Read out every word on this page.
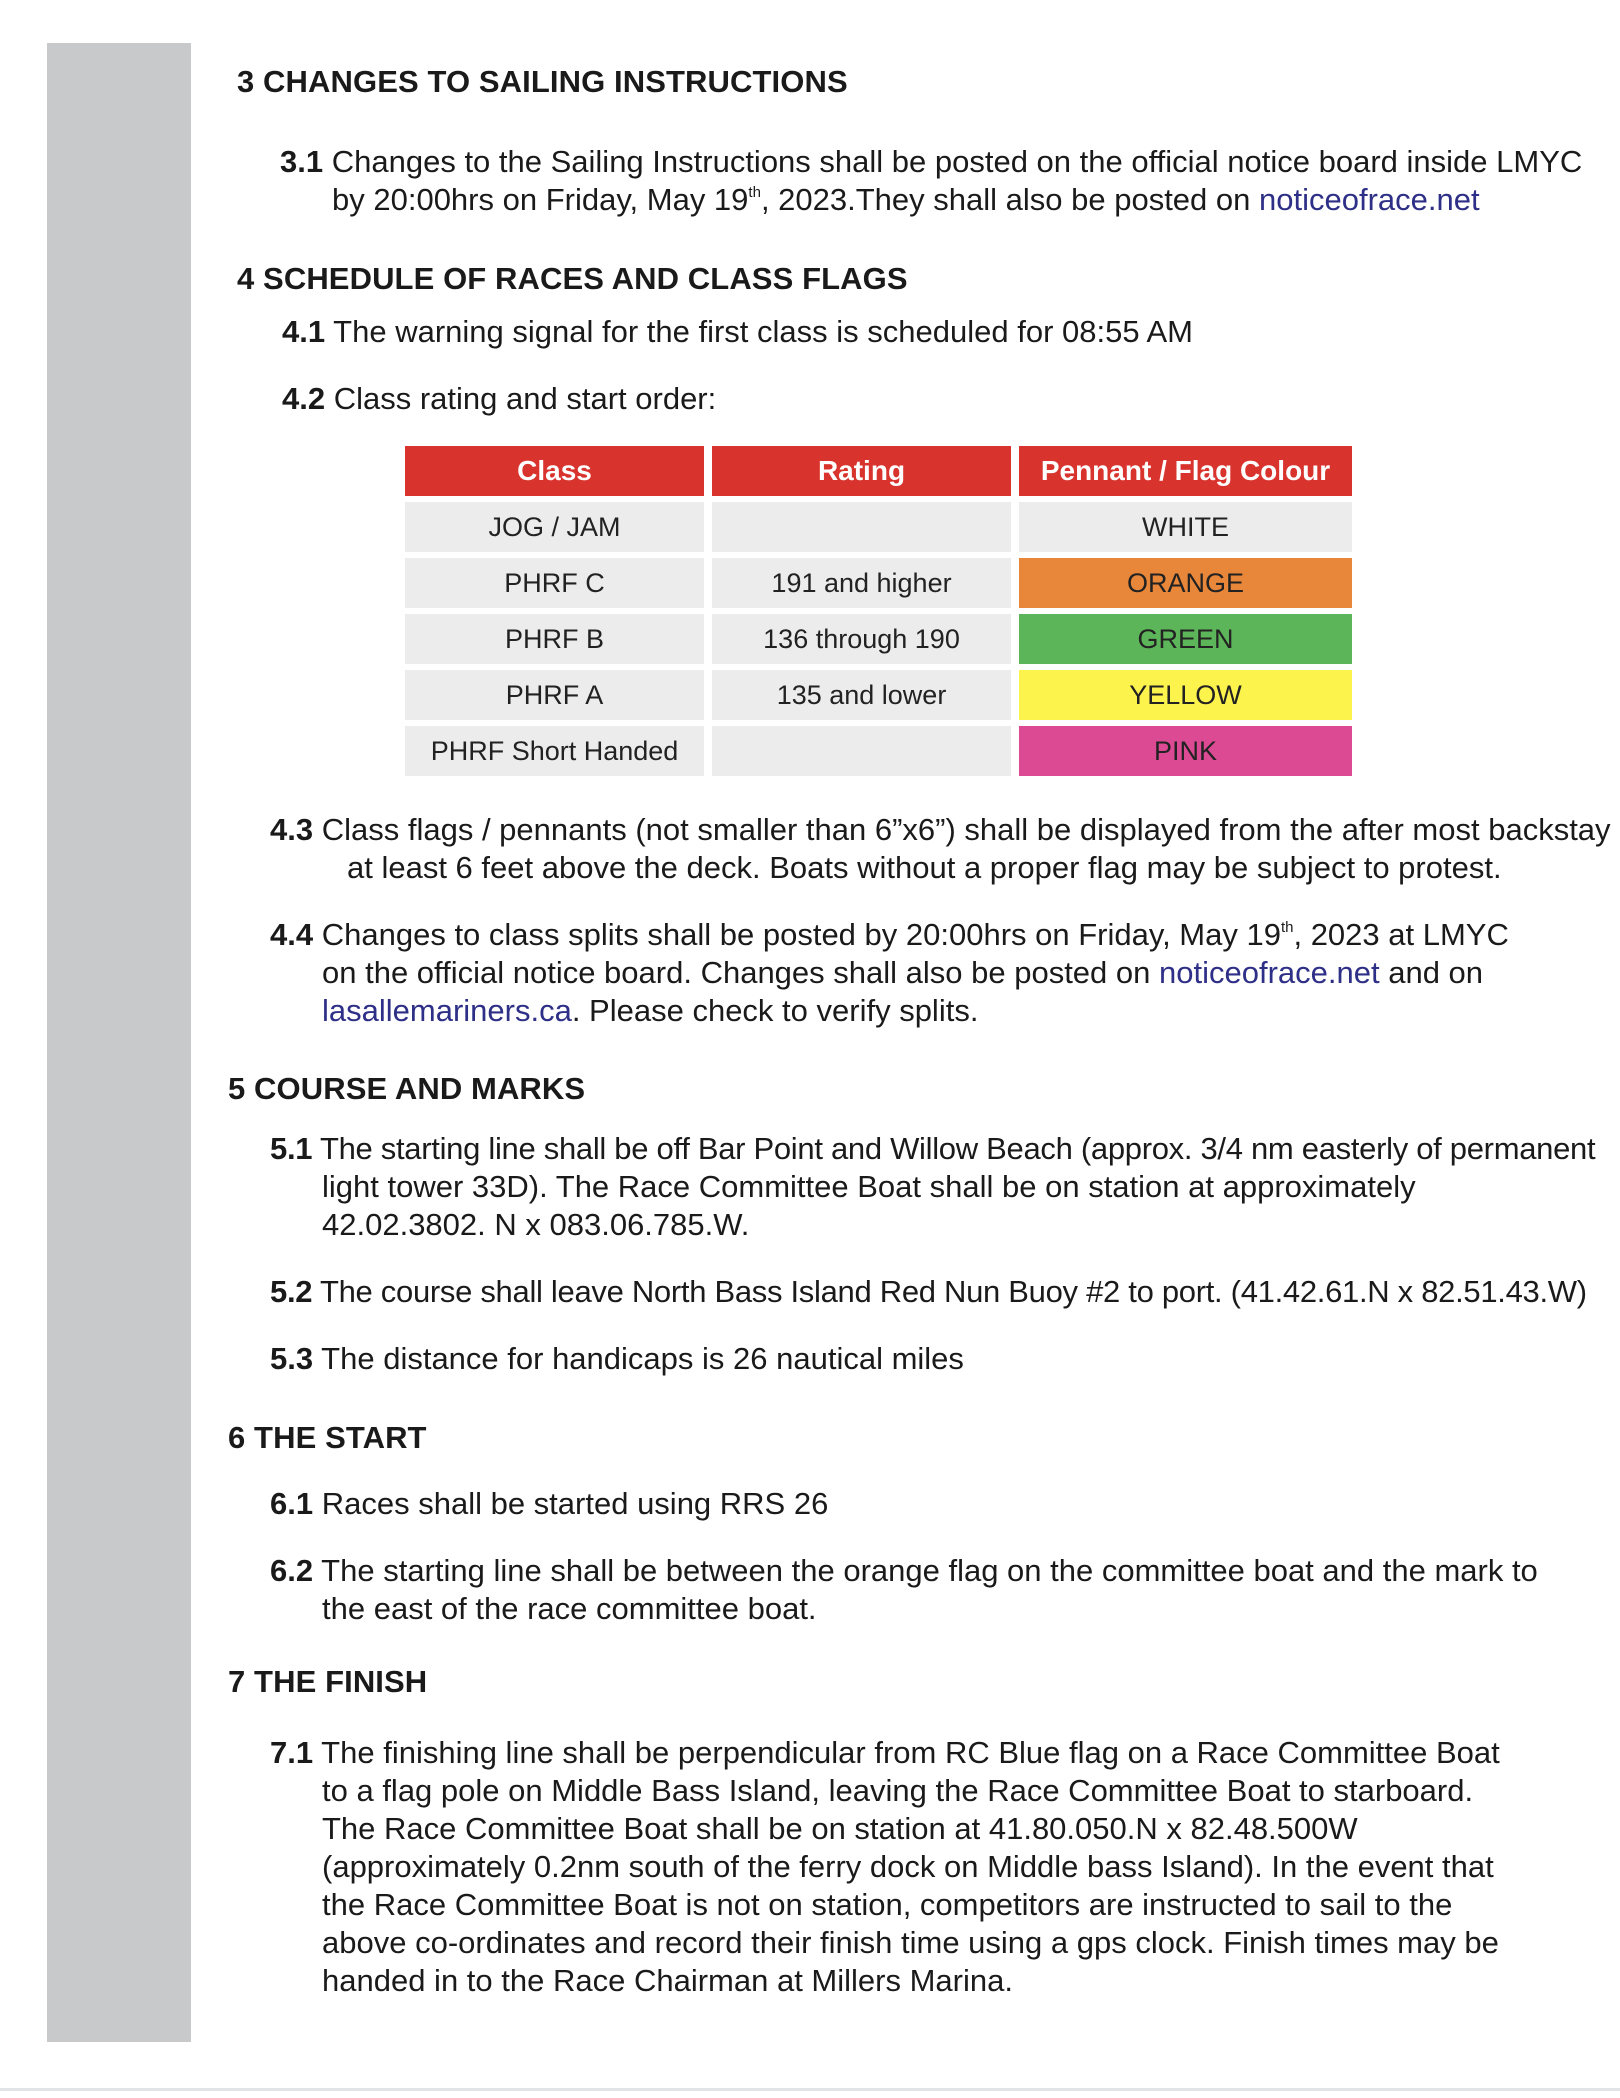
3 CHANGES TO SAILING INSTRUCTIONS
3.1 Changes to the Sailing Instructions shall be posted on the official notice board inside LMYC
by 20:00hrs on Friday, May 19th, 2023.They shall also be posted on noticeofrace.net
4 SCHEDULE OF RACES AND CLASS FLAGS
4.1 The warning signal for the first class is scheduled for 08:55 AM
4.2 Class rating and start order:
Class	Rating	Pennant / Flag Colour
JOG / JAM		WHITE
PHRF C	191 and higher	ORANGE
PHRF B	136 through 190	GREEN
PHRF A	135 and lower	YELLOW
PHRF Short Handed		PINK
4.3 Class flags / pennants (not smaller than 6”x6”) shall be displayed from the after most backstay
at least 6 feet above the deck. Boats without a proper flag may be subject to protest.
4.4 Changes to class splits shall be posted by 20:00hrs on Friday, May 19th, 2023 at LMYC
on the official notice board. Changes shall also be posted on noticeofrace.net and on
lasallemariners.ca. Please check to verify splits.
5 COURSE AND MARKS
5.1 The starting line shall be off Bar Point and Willow Beach (approx. 3/4 nm easterly of permanent
light tower 33D). The Race Committee Boat shall be on station at approximately
42.02.3802. N x 083.06.785.W.
5.2 The course shall leave North Bass Island Red Nun Buoy #2 to port. (41.42.61.N x 82.51.43.W)
5.3 The distance for handicaps is 26 nautical miles
6 THE START
6.1 Races shall be started using RRS 26
6.2 The starting line shall be between the orange flag on the committee boat and the mark to
the east of the race committee boat.
7 THE FINISH
7.1 The finishing line shall be perpendicular from RC Blue flag on a Race Committee Boat
to a flag pole on Middle Bass Island, leaving the Race Committee Boat to starboard.
The Race Committee Boat shall be on station at 41.80.050.N x 82.48.500W
(approximately 0.2nm south of the ferry dock on Middle bass Island). In the event that
the Race Committee Boat is not on station, competitors are instructed to sail to the
above co-ordinates and record their finish time using a gps clock. Finish times may be
handed in to the Race Chairman at Millers Marina.
